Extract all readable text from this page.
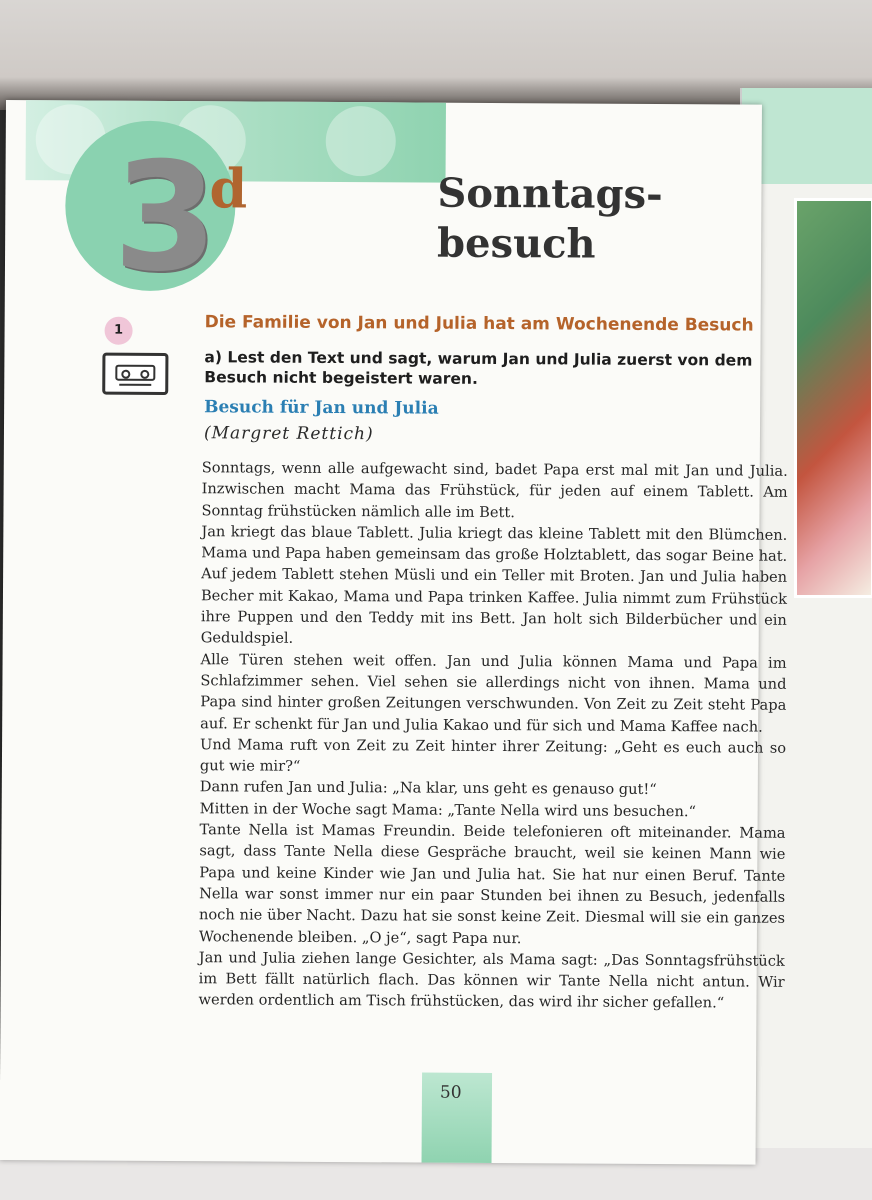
3
d	Sonntags-
besuch
1	Die Familie von Jan und Julia hat am Wochenende Besuch
a) Lest den Text und sagt, warum Jan und Julia zuerst von dem
Besuch nicht begeistert waren.
Besuch für Jan und Julia
(Margret Rettich)

Sonntags, wenn alle aufgewacht sind, badet Papa erst mal mit Jan und Julia. Inzwischen macht Mama das Frühstück, für jeden auf einem Tablett. Am Sonntag frühstücken nämlich alle im Bett.

Jan kriegt das blaue Tablett. Julia kriegt das kleine Tablett mit den Blümchen. Mama und Papa haben gemeinsam das große Holztablett, das sogar Beine hat. Auf jedem Tablett stehen Müsli und ein Teller mit Broten. Jan und Julia haben Becher mit Kakao, Mama und Papa trinken Kaffee. Julia nimmt zum Frühstück ihre Puppen und den Teddy mit ins Bett. Jan holt sich Bilderbücher und ein Geduldspiel.

Alle Türen stehen weit offen. Jan und Julia können Mama und Papa im Schlafzimmer sehen. Viel sehen sie allerdings nicht von ihnen. Mama und Papa sind hinter großen Zeitungen verschwunden. Von Zeit zu Zeit steht Papa auf. Er schenkt für Jan und Julia Kakao und für sich und Mama Kaffee nach.

Und Mama ruft von Zeit zu Zeit hinter ihrer Zeitung: „Geht es euch auch so gut wie mir?“

Dann rufen Jan und Julia: „Na klar, uns geht es genauso gut!“

Mitten in der Woche sagt Mama: „Tante Nella wird uns besuchen.“

Tante Nella ist Mamas Freundin. Beide telefonieren oft miteinander. Mama sagt, dass Tante Nella diese Gespräche braucht, weil sie keinen Mann wie Papa und keine Kinder wie Jan und Julia hat. Sie hat nur einen Beruf. Tante Nella war sonst immer nur ein paar Stunden bei ihnen zu Besuch, jedenfalls noch nie über Nacht. Dazu hat sie sonst keine Zeit. Diesmal will sie ein ganzes Wochenende bleiben. „O je“, sagt Papa nur.

Jan und Julia ziehen lange Gesichter, als Mama sagt: „Das Sonntagsfrühstück im Bett fällt natürlich flach. Das können wir Tante Nella nicht antun. Wir werden ordentlich am Tisch frühstücken, das wird ihr sicher gefallen.“

50
